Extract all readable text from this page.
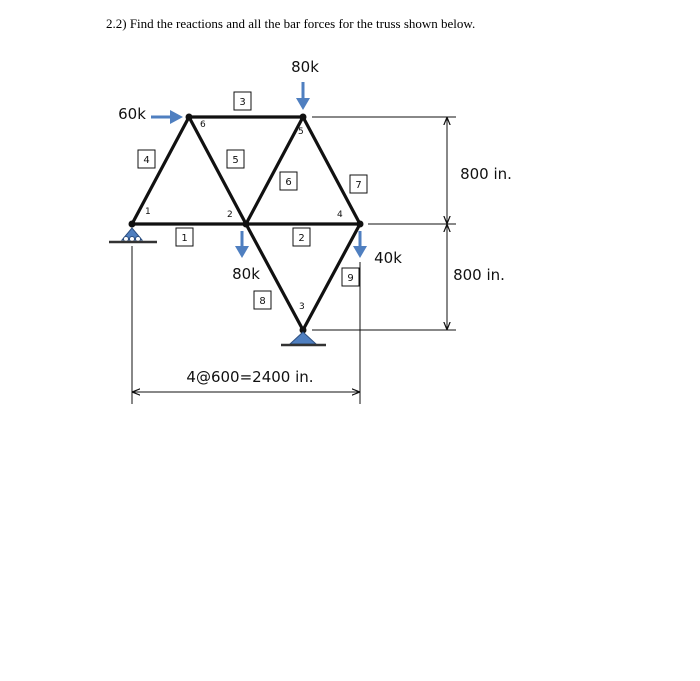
2.2) Find the reactions and all the bar forces for the truss shown below.
80k
60k
80k
40k
3
4	5
6	7
1	2
9
8
1	2
3
4
5
6
800 in.
800 in.
4@600=2400 in.
